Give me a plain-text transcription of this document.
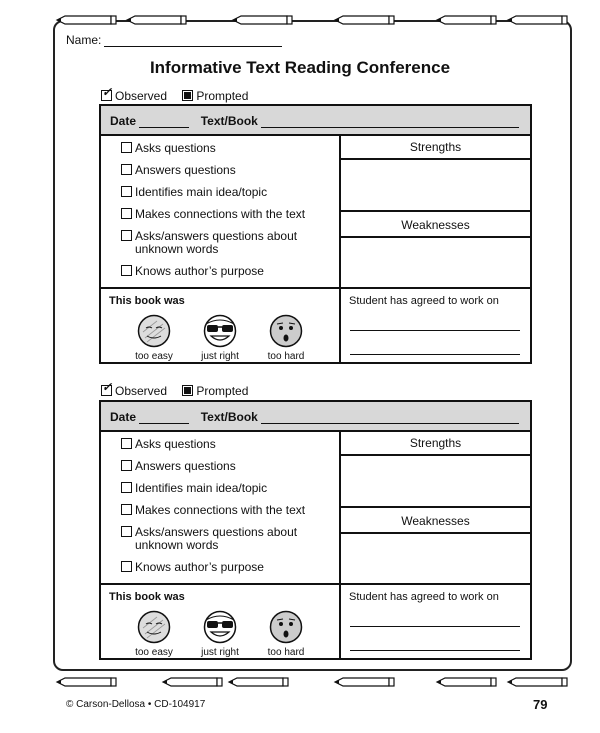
Name:
Informative Text Reading Conference
✓Observed Prompted
Date	Text/Book
Asks questions
Answers questions
Identifies main idea/topic
Makes connections with the text
Asks/answers questions about unknown words
Knows author’s purpose
Strengths
Weaknesses
This book was
too easy	just right	too hard
Student has agreed to work on
✓Observed Prompted
Date	Text/Book
Asks questions
Answers questions
Identifies main idea/topic
Makes connections with the text
Asks/answers questions about unknown words
Knows author’s purpose
Strengths
Weaknesses
This book was
too easy	just right	too hard
Student has agreed to work on
© Carson-Dellosa • CD-104917	79
